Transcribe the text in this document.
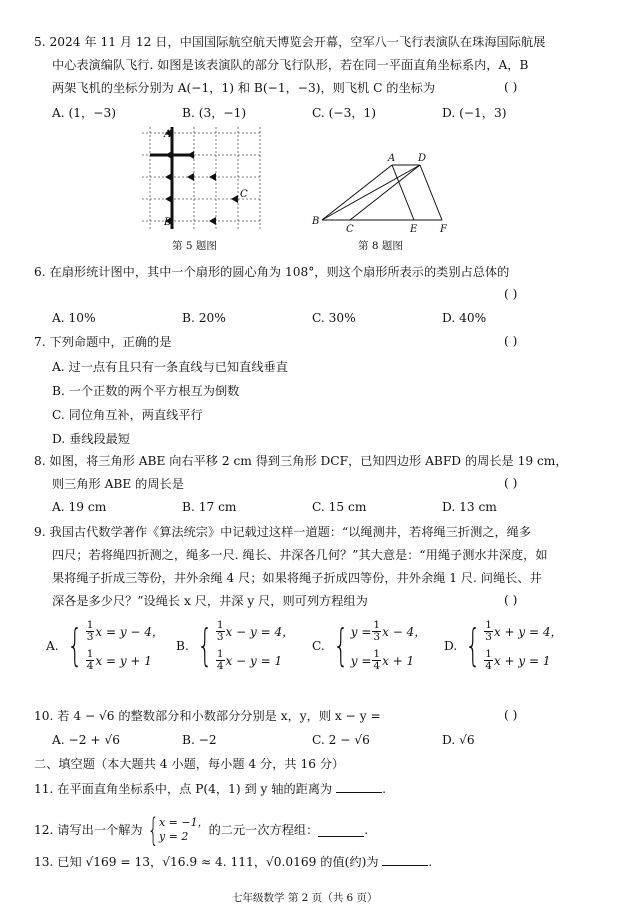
5. 2024 年 11 月 12 日，中国国际航空航天博览会开幕，空军八一飞行表演队在珠海国际航展
中心表演编队飞行. 如图是该表演队的部分飞行队形，若在同一平面直角坐标系内，A，B
两架飞机的坐标分别为 A(−1，1) 和 B(−1，−3)，则飞机 C 的坐标为	( )
A. (1，−3)	B. (3，−1)	C. (−3，1)	D. (−1，3)
A
C
B
第 5 题图
A D
B
C	E F
第 8 题图
6. 在扇形统计图中，其中一个扇形的圆心角为 108°，则这个扇形所表示的类别占总体的
( )
A. 10%	B. 20%	C. 30%	D. 40%
7. 下列命题中，正确的是	( )
A. 过一点有且只有一条直线与已知直线垂直
B. 一个正数的两个平方根互为倒数
C. 同位角互补，两直线平行
D. 垂线段最短
8. 如图，将三角形 ABE 向右平移 2 cm 得到三角形 DCF，已知四边形 ABFD 的周长是 19 cm，
则三角形 ABE 的周长是	( )
A. 19 cm	B. 17 cm	C. 15 cm	D. 13 cm
9. 我国古代数学著作《算法统宗》中记载过这样一道题：“以绳测井，若将绳三折测之，绳多
四尺；若将绳四折测之，绳多一尺. 绳长、井深各几何？”其大意是：“用绳子测水井深度，如
果将绳子折成三等份，井外余绳 4 尺；如果将绳子折成四等份，井外余绳 1 尺. 问绳长、井
深各是多少尺？”设绳长 x 尺，井深 y 尺，则可列方程组为	( )
A. { $\frac{1}{3}$ x = y − 4，
$\frac{1}{4}$ x = y + 1
B. { $\frac{1}{3}$ x − y = 4，
$\frac{1}{4}$ x − y = 1
C. { $y = \frac{1}{3}$ x − 4，
$y = \frac{1}{4}$ x + 1
D. { $\frac{1}{3}$ x + y = 4，
$\frac{1}{4}$ x + y = 1
10. 若 4 − √6 的整数部分和小数部分分别是 x，y，则 x − y =	( )
A. −2 + √6	B. −2	C. 2 − √6	D. √6
二、填空题（本大题共 4 小题，每小题 4 分，共 16 分）
11. 在平面直角坐标系中，点 P(4，1) 到 y 轴的距离为	.
12. 请写出一个解为 { x = −1，
y = 2	的二元一次方程组：	.
13. 已知 √169 = 13，√16.9 ≈ 4. 111，√0.0169 的值(约)为	.
七年级数学 第 2 页（共 6 页）
